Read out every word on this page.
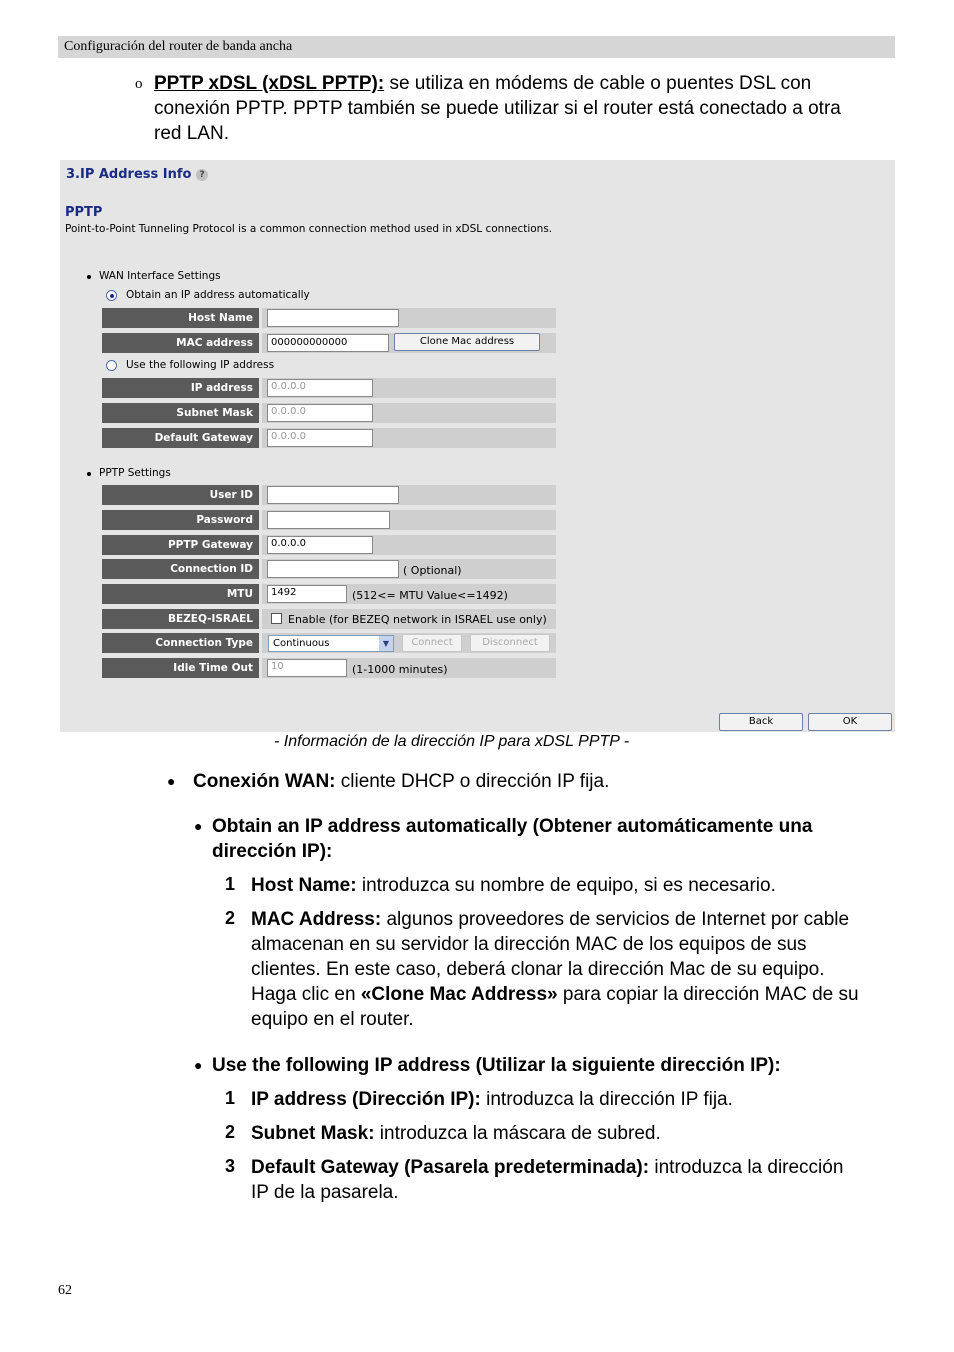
Configuración del router de banda ancha
o PPTP xDSL (xDSL PPTP): se utiliza en módems de cable o puentes DSL con
conexión PPTP. PPTP también se puede utilizar si el router está conectado a otra
red LAN.
3.IP Address Info ?
PPTP
Point-to-Point Tunneling Protocol is a common connection method used in xDSL connections.
WAN Interface Settings
Obtain an IP address automatically
Host Name
MAC address	000000000000	Clone Mac address
Use the following IP address
IP address	0.0.0.0
Subnet Mask	0.0.0.0
Default Gateway	0.0.0.0
PPTP Settings
User ID
Password
PPTP Gateway	0.0.0.0
Connection ID	( Optional)
MTU	1492	(512<= MTU Value<=1492)
BEZEQ-ISRAEL	Enable (for BEZEQ network in ISRAEL use only)
Connection Type	Continuous	▼	Connect	Disconnect
Idle Time Out	10	(1-1000 minutes)
Back	OK
- Información de la dirección IP para xDSL PPTP -
● Conexión WAN: cliente DHCP o dirección IP fija.
● Obtain an IP address automatically (Obtener automáticamente una
dirección IP):
1 Host Name: introduzca su nombre de equipo, si es necesario.
2 MAC Address: algunos proveedores de servicios de Internet por cable
almacenan en su servidor la dirección MAC de los equipos de sus
clientes. En este caso, deberá clonar la dirección Mac de su equipo.
Haga clic en «Clone Mac Address» para copiar la dirección MAC de su
equipo en el router.
● Use the following IP address (Utilizar la siguiente dirección IP):
1 IP address (Dirección IP): introduzca la dirección IP fija.
2 Subnet Mask: introduzca la máscara de subred.
3 Default Gateway (Pasarela predeterminada): introduzca la dirección
IP de la pasarela.
62
